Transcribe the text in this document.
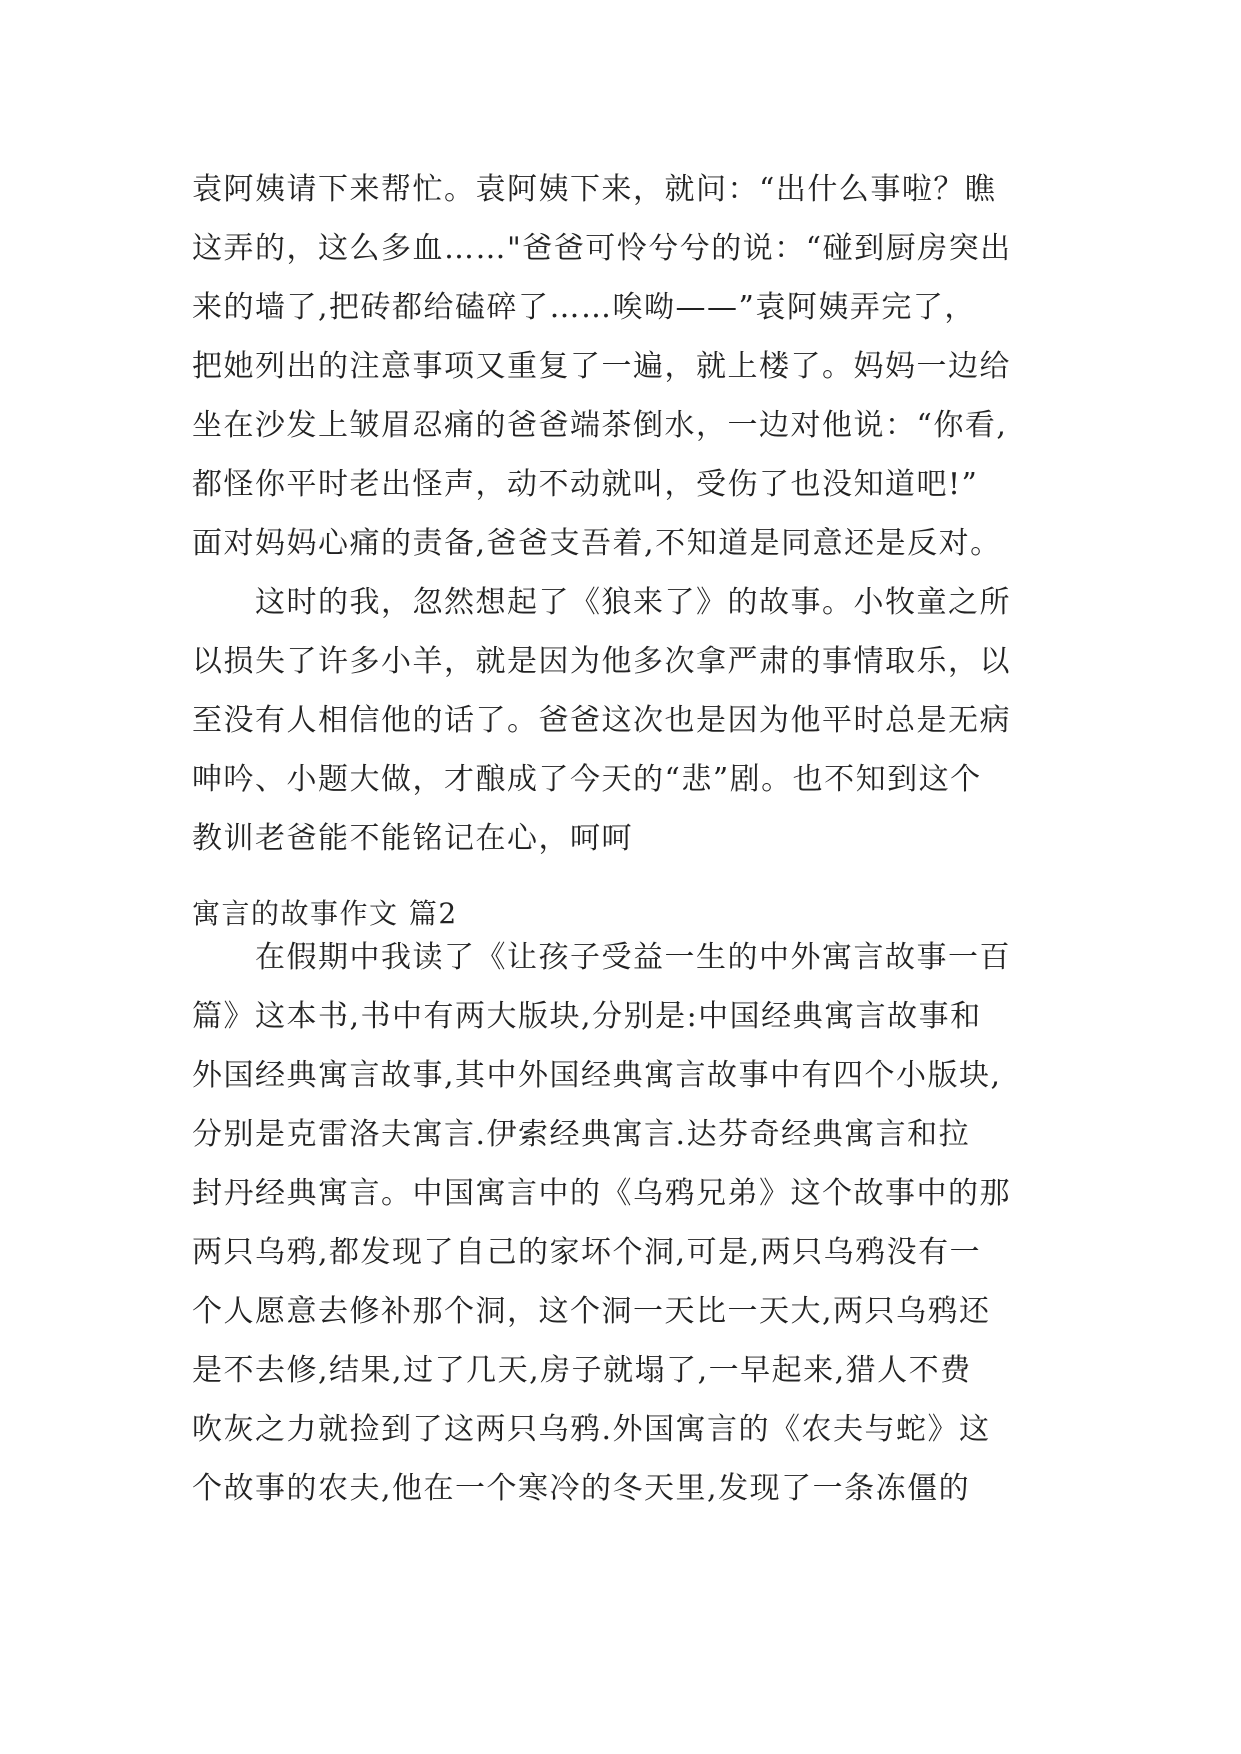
袁阿姨请下来帮忙。袁阿姨下来，就问：“出什么事啦？瞧
这弄的，这么多血……"爸爸可怜兮兮的说：“碰到厨房突出
来的墙了,把砖都给磕碎了……唉呦——”袁阿姨弄完了，
把她列出的注意事项又重复了一遍，就上楼了。妈妈一边给
坐在沙发上皱眉忍痛的爸爸端茶倒水，一边对他说：“你看,
都怪你平时老出怪声，动不动就叫，受伤了也没知道吧!”
面对妈妈心痛的责备,爸爸支吾着,不知道是同意还是反对。
　　这时的我，忽然想起了《狼来了》的故事。小牧童之所
以损失了许多小羊，就是因为他多次拿严肃的事情取乐，以
至没有人相信他的话了。爸爸这次也是因为他平时总是无病
呻吟、小题大做，才酿成了今天的“悲”剧。也不知到这个
教训老爸能不能铭记在心，呵呵
寓言的故事作文 篇2
　　在假期中我读了《让孩子受益一生的中外寓言故事一百
篇》这本书,书中有两大版块,分别是:中国经典寓言故事和
外国经典寓言故事,其中外国经典寓言故事中有四个小版块,
分别是克雷洛夫寓言.伊索经典寓言.达芬奇经典寓言和拉
封丹经典寓言。中国寓言中的《乌鸦兄弟》这个故事中的那
两只乌鸦,都发现了自己的家坏个洞,可是,两只乌鸦没有一
个人愿意去修补那个洞，这个洞一天比一天大,两只乌鸦还
是不去修,结果,过了几天,房子就塌了,一早起来,猎人不费
吹灰之力就捡到了这两只乌鸦.外国寓言的《农夫与蛇》这
个故事的农夫,他在一个寒冷的冬天里,发现了一条冻僵的
